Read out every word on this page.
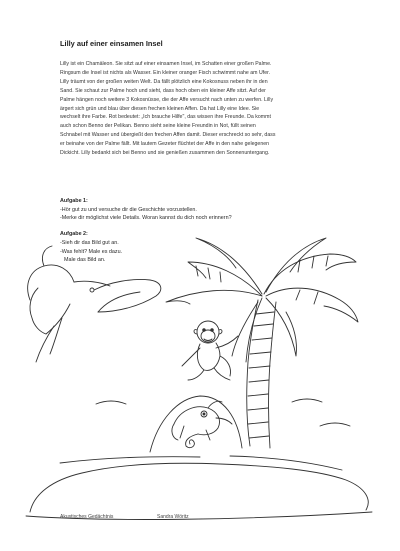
Lilly auf einer einsamen Insel
Lilly ist ein Chamäleon. Sie sitzt auf einer einsamen Insel, im Schatten einer großen Palme.
Ringsum die Insel ist nichts als Wasser. Ein kleiner oranger Fisch schwimmt nahe am Ufer.
Lilly träumt von der großen weiten Welt. Da fällt plötzlich eine Kokosnuss neben ihr in den
Sand. Sie schaut zur Palme hoch und sieht, dass hoch oben ein kleiner Affe sitzt. Auf der
Palme hängen noch weitere 3 Kokosnüsse, die der Affe versucht nach unten zu werfen. Lilly
ärgert sich grün und blau über diesen frechen kleinen Affen. Da hat Lilly eine Idee. Sie
wechselt ihre Farbe. Rot bedeutet: „Ich brauche Hilfe", das wissen ihre Freunde. Da kommt
auch schon Benno der Pelikan. Benno sieht seine kleine Freundin in Not, füllt seinen
Schnabel mit Wasser und übergießt den frechen Affen damit. Dieser erschreckt so sehr, dass
er beinahe von der Palme fällt. Mit lautem Gezeter flüchtet der Affe in den nahe gelegenen
Dickicht. Lilly bedankt sich bei Benno und sie genießen zusammen den Sonnenuntergang.
Aufgabe 1:
-Hör gut zu und versuche dir die Geschichte vorzustellen.
-Merke dir möglichst viele Details. Woran kannst du dich noch erinnern?
Aufgabe 2:
-Sieh dir das Bild gut an.
-Was fehlt? Male es dazu.
Male das Bild an.
Akustisches Gedächtnis	Sandra Wöritz
